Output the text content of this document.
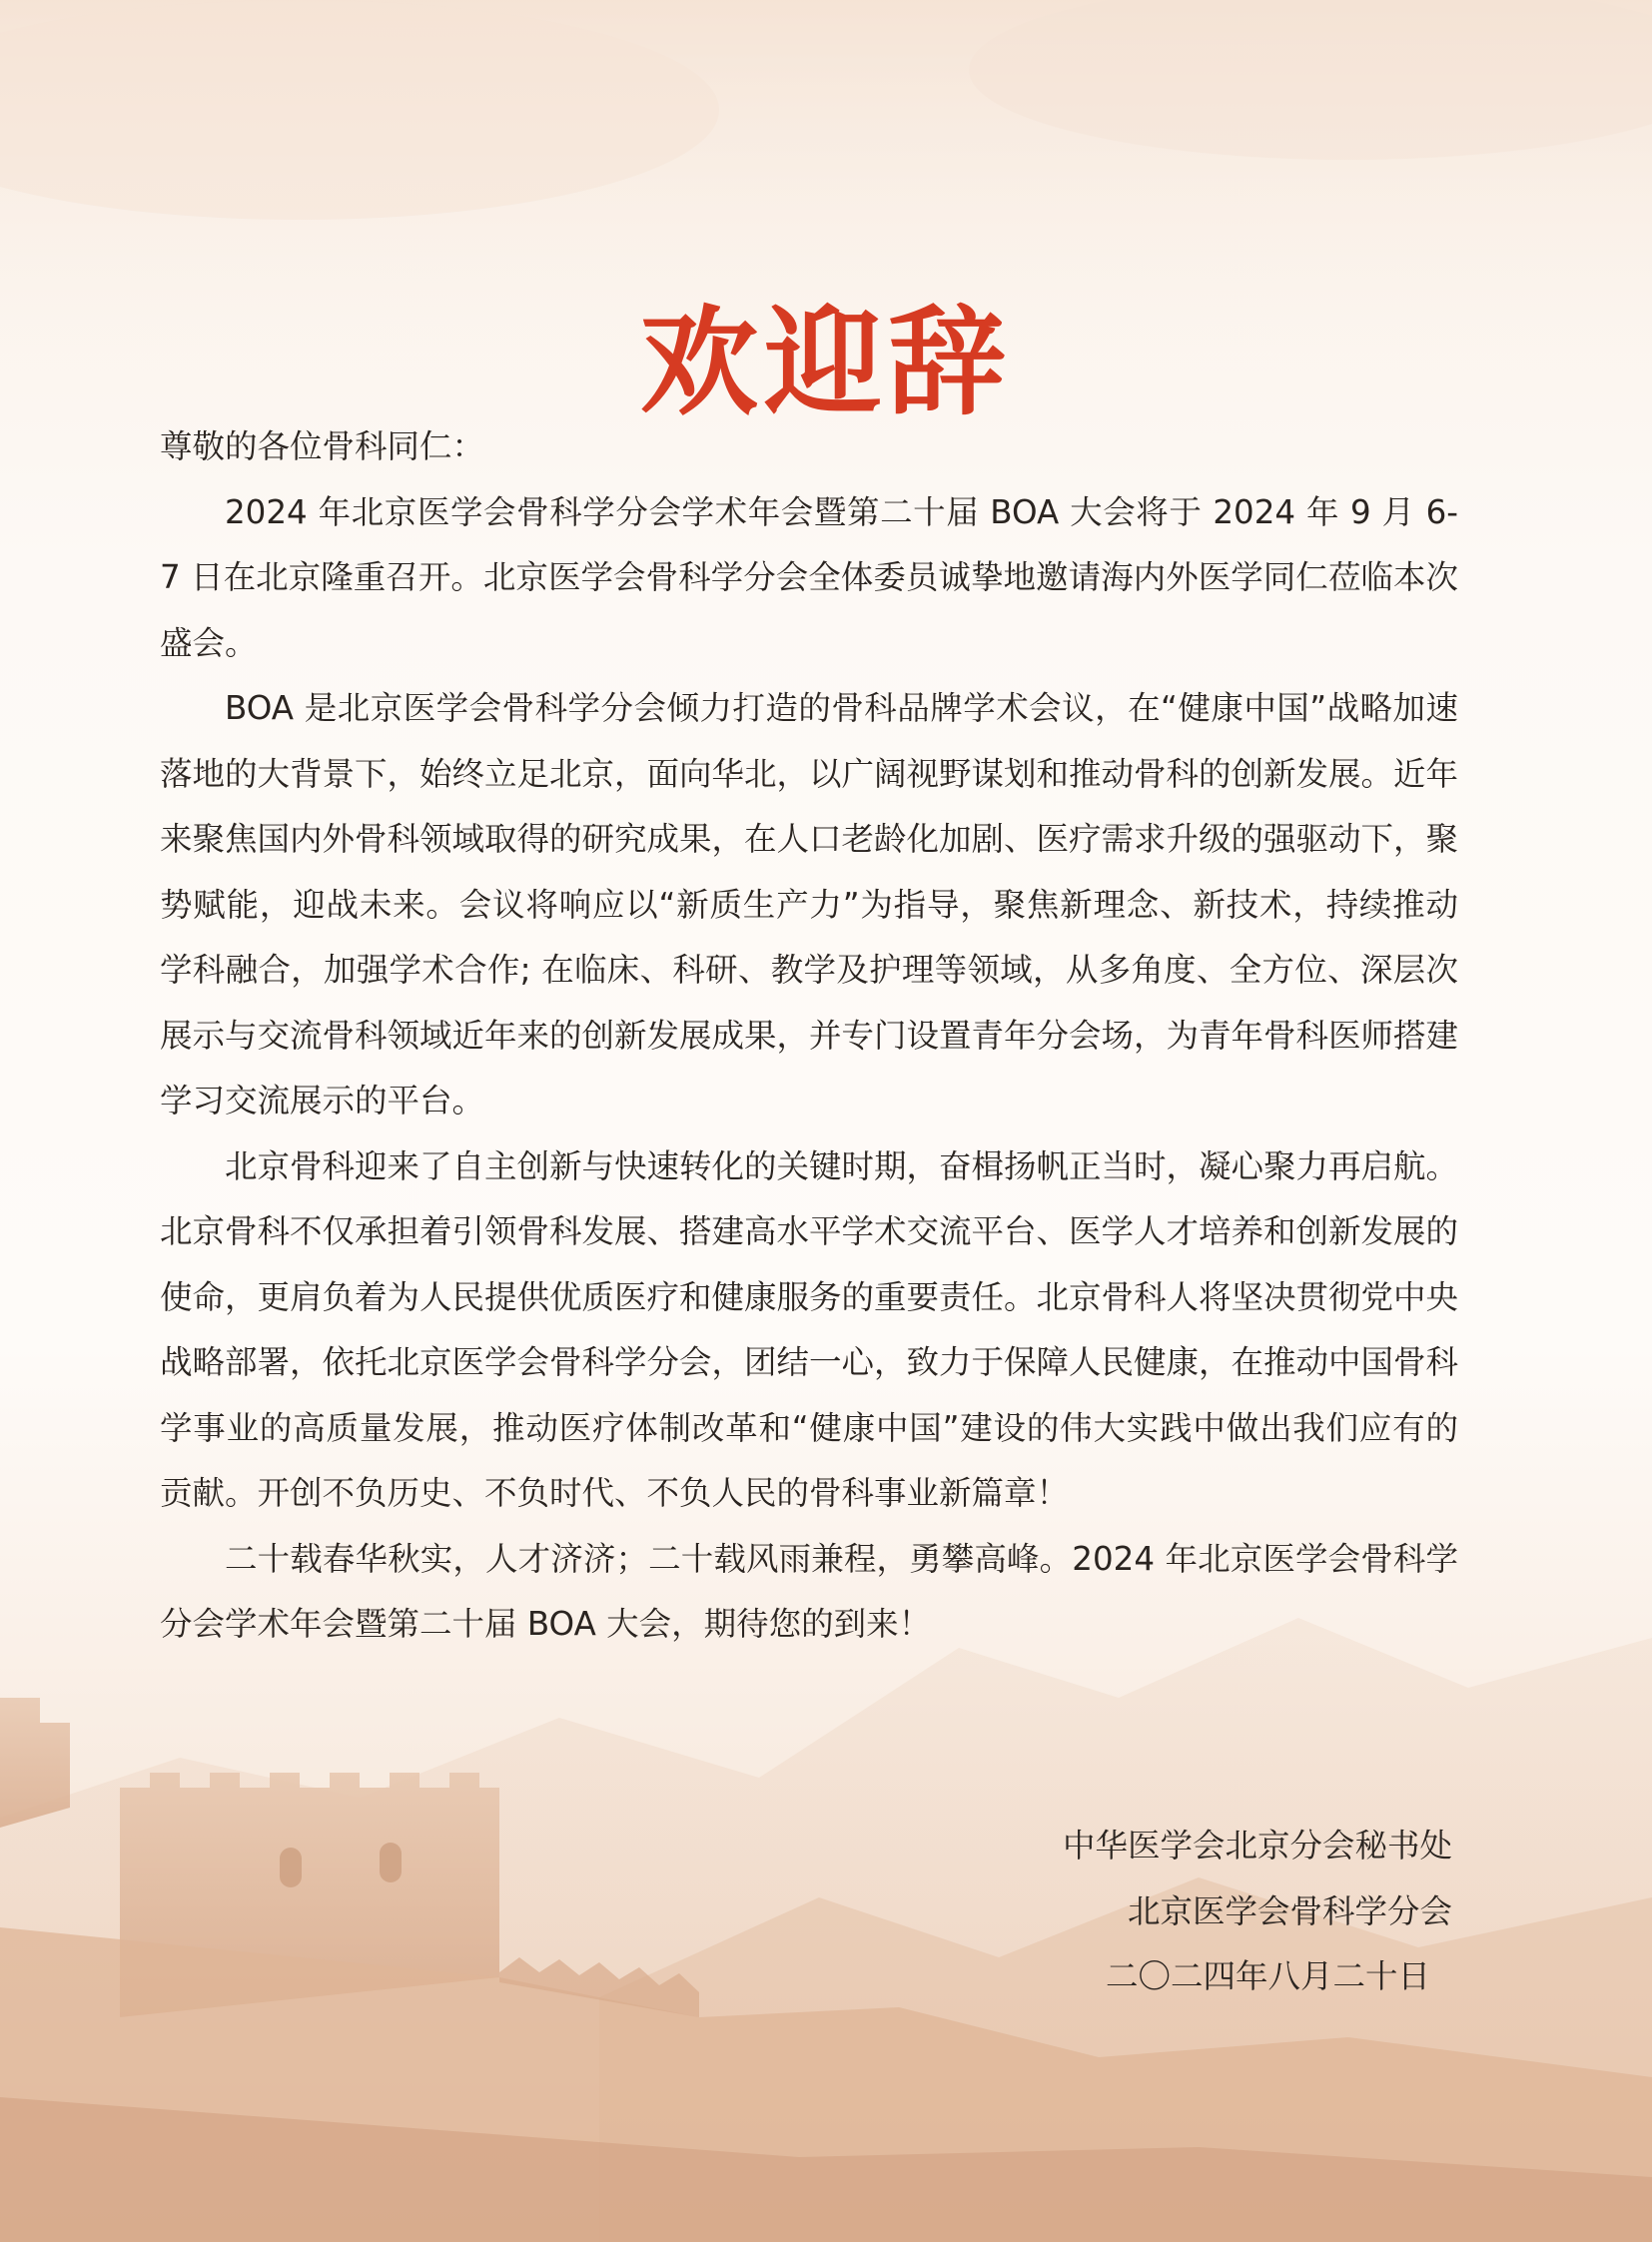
欢迎辞

尊敬的各位骨科同仁：

2024 年北京医学会骨科学分会学术年会暨第二十届 BOA 大会将于 2024 年 9 月 6-7 日在北京隆重召开。北京医学会骨科学分会全体委员诚挚地邀请海内外医学同仁莅临本次盛会。

BOA 是北京医学会骨科学分会倾力打造的骨科品牌学术会议，在“健康中国”战略加速落地的大背景下，始终立足北京，面向华北，以广阔视野谋划和推动骨科的创新发展。近年来聚焦国内外骨科领域取得的研究成果，在人口老龄化加剧、医疗需求升级的强驱动下，聚势赋能，迎战未来。会议将响应以“新质生产力”为指导，聚焦新理念、新技术，持续推动学科融合，加强学术合作; 在临床、科研、教学及护理等领域，从多角度、全方位、深层次展示与交流骨科领域近年来的创新发展成果，并专门设置青年分会场，为青年骨科医师搭建学习交流展示的平台。

北京骨科迎来了自主创新与快速转化的关键时期，奋楫扬帆正当时，凝心聚力再启航。北京骨科不仅承担着引领骨科发展、搭建高水平学术交流平台、医学人才培养和创新发展的使命，更肩负着为人民提供优质医疗和健康服务的重要责任。北京骨科人将坚决贯彻党中央战略部署，依托北京医学会骨科学分会，团结一心，致力于保障人民健康，在推动中国骨科学事业的高质量发展，推动医疗体制改革和“健康中国”建设的伟大实践中做出我们应有的贡献。开创不负历史、不负时代、不负人民的骨科事业新篇章！

二十载春华秋实，人才济济；二十载风雨兼程，勇攀高峰。2024 年北京医学会骨科学分会学术年会暨第二十届 BOA 大会，期待您的到来！

中华医学会北京分会秘书处
北京医学会骨科学分会
二〇二四年八月二十日
